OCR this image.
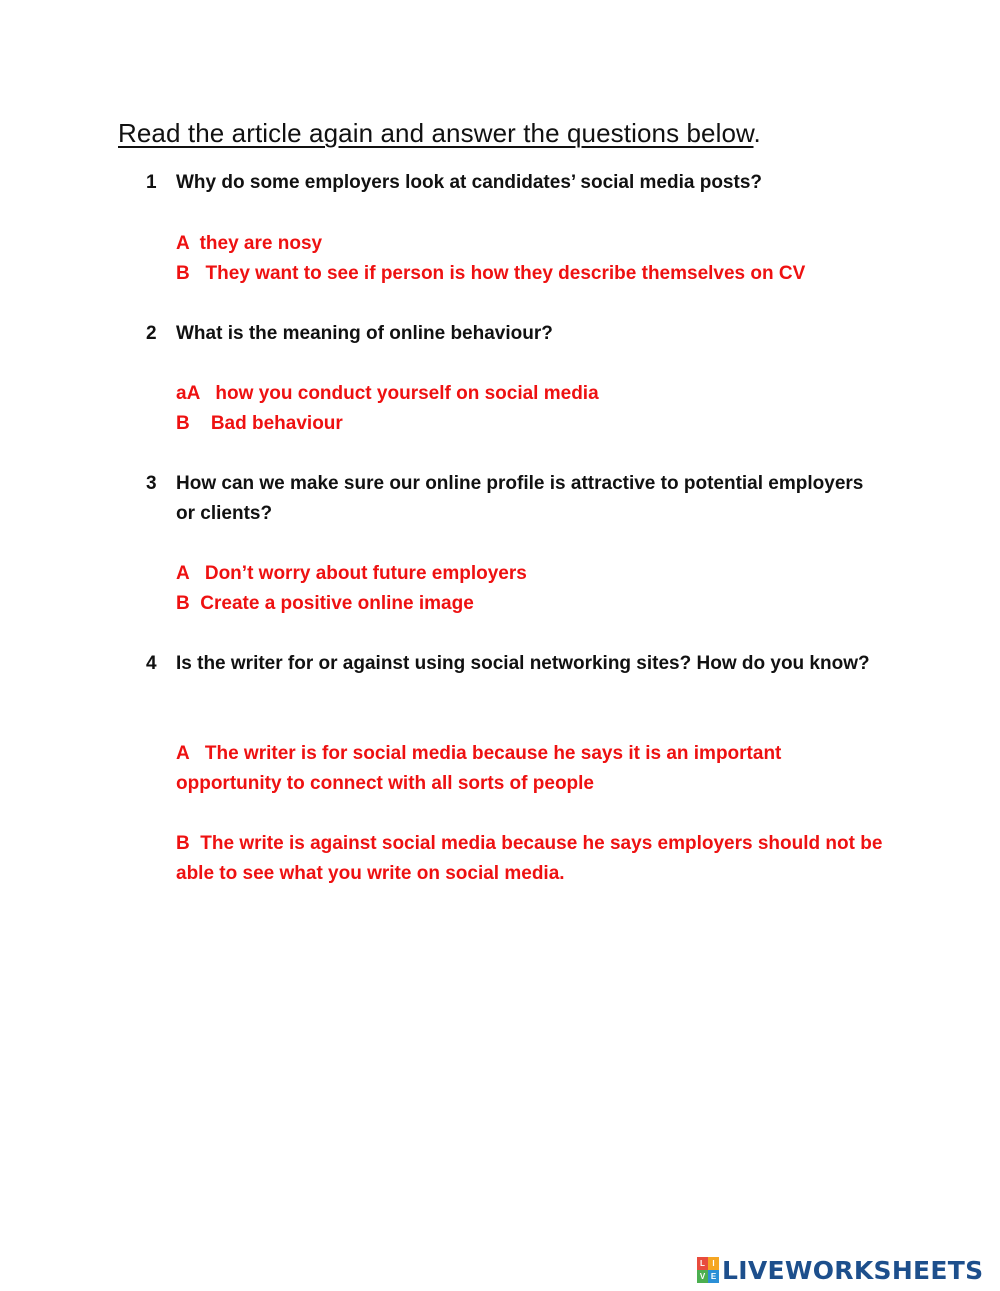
Read the article again and answer the questions below.
1	Why do some employers look at candidates’ social media posts?
A  they are nosy
B   They want to see if person is how they describe themselves on CV
2	What is the meaning of online behaviour?
aA   how you conduct yourself on social media
B    Bad behaviour
3	How can we make sure our online profile is attractive to potential employers or clients?
A   Don’t worry about future employers
B  Create a positive online image
4	Is the writer for or against using social networking sites? How do you know?
A   The writer is for social media because he says it is an important opportunity to connect with all sorts of people
B  The write is against social media because he says employers should not be able to see what you write on social media.
L I
V E LIVEWORKSHEETS
